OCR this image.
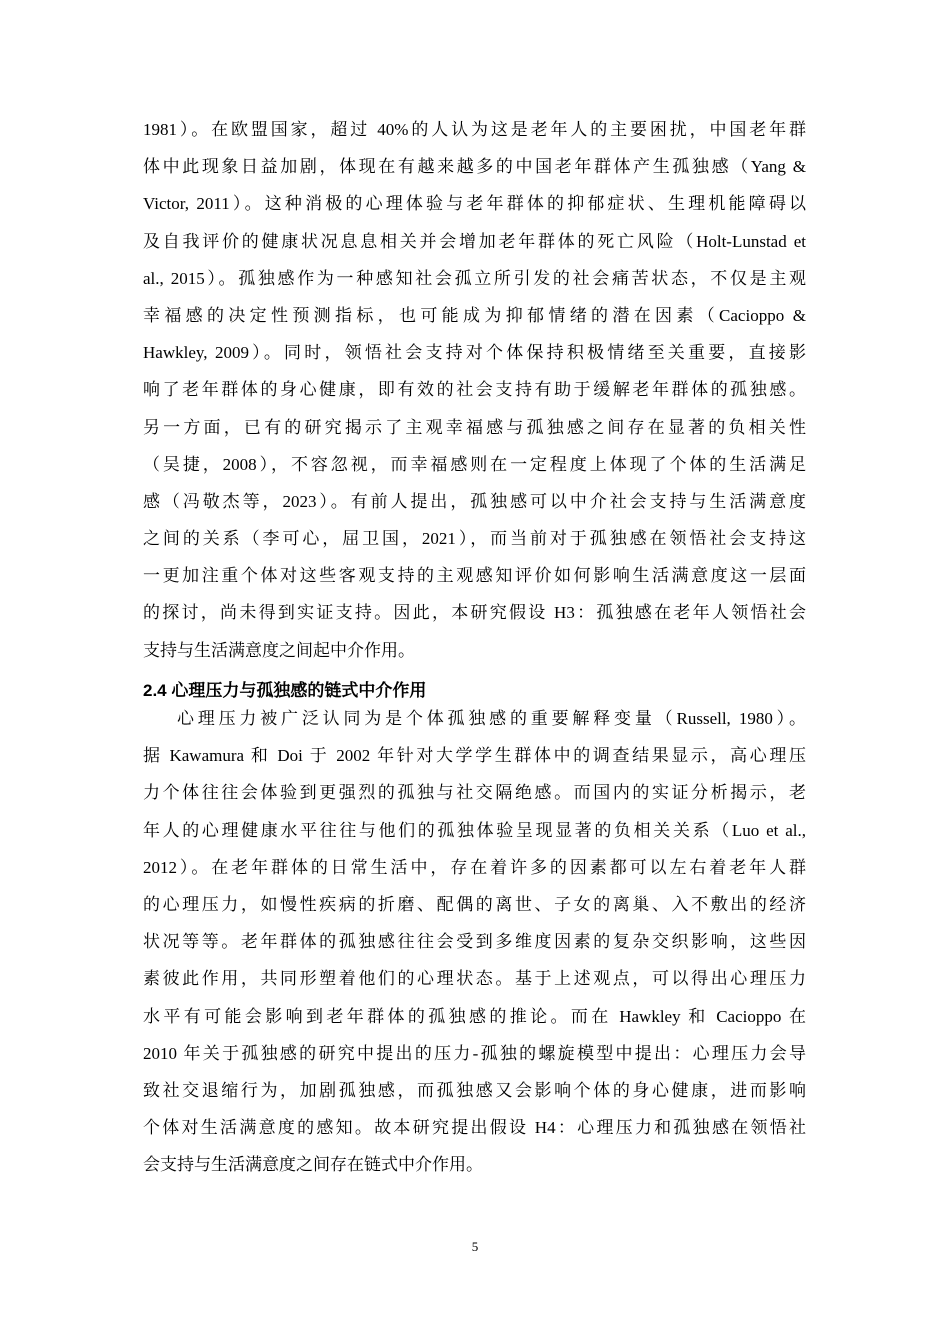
1981）。在欧盟国家，超过 40%的人认为这是老年人的主要困扰，中国老年群
体中此现象日益加剧，体现在有越来越多的中国老年群体产生孤独感（Yang &
Victor, 2011）。这种消极的心理体验与老年群体的抑郁症状、生理机能障碍以
及自我评价的健康状况息息相关并会增加老年群体的死亡风险（Holt-Lunstad et
al., 2015）。孤独感作为一种感知社会孤立所引发的社会痛苦状态，不仅是主观
幸福感的决定性预测指标，也可能成为抑郁情绪的潜在因素（Cacioppo &
Hawkley, 2009）。同时，领悟社会支持对个体保持积极情绪至关重要，直接影
响了老年群体的身心健康，即有效的社会支持有助于缓解老年群体的孤独感。
另一方面，已有的研究揭示了主观幸福感与孤独感之间存在显著的负相关性
（吴捷，2008），不容忽视，而幸福感则在一定程度上体现了个体的生活满足
感（冯敬杰等，2023）。有前人提出，孤独感可以中介社会支持与生活满意度
之间的关系（李可心，屈卫国，2021），而当前对于孤独感在领悟社会支持这
一更加注重个体对这些客观支持的主观感知评价如何影响生活满意度这一层面
的探讨，尚未得到实证支持。因此，本研究假设 H3：孤独感在老年人领悟社会
支持与生活满意度之间起中介作用。
2.4 心理压力与孤独感的链式中介作用
心理压力被广泛认同为是个体孤独感的重要解释变量（Russell, 1980）。
据 Kawamura 和 Doi 于 2002 年针对大学学生群体中的调查结果显示，高心理压
力个体往往会体验到更强烈的孤独与社交隔绝感。而国内的实证分析揭示，老
年人的心理健康水平往往与他们的孤独体验呈现显著的负相关关系（Luo et al.,
2012）。在老年群体的日常生活中，存在着许多的因素都可以左右着老年人群
的心理压力，如慢性疾病的折磨、配偶的离世、子女的离巢、入不敷出的经济
状况等等。老年群体的孤独感往往会受到多维度因素的复杂交织影响，这些因
素彼此作用，共同形塑着他们的心理状态。基于上述观点，可以得出心理压力
水平有可能会影响到老年群体的孤独感的推论。而在 Hawkley 和 Cacioppo 在
2010 年关于孤独感的研究中提出的压力-孤独的螺旋模型中提出：心理压力会导
致社交退缩行为，加剧孤独感，而孤独感又会影响个体的身心健康，进而影响
个体对生活满意度的感知。故本研究提出假设 H4：心理压力和孤独感在领悟社
会支持与生活满意度之间存在链式中介作用。
5
